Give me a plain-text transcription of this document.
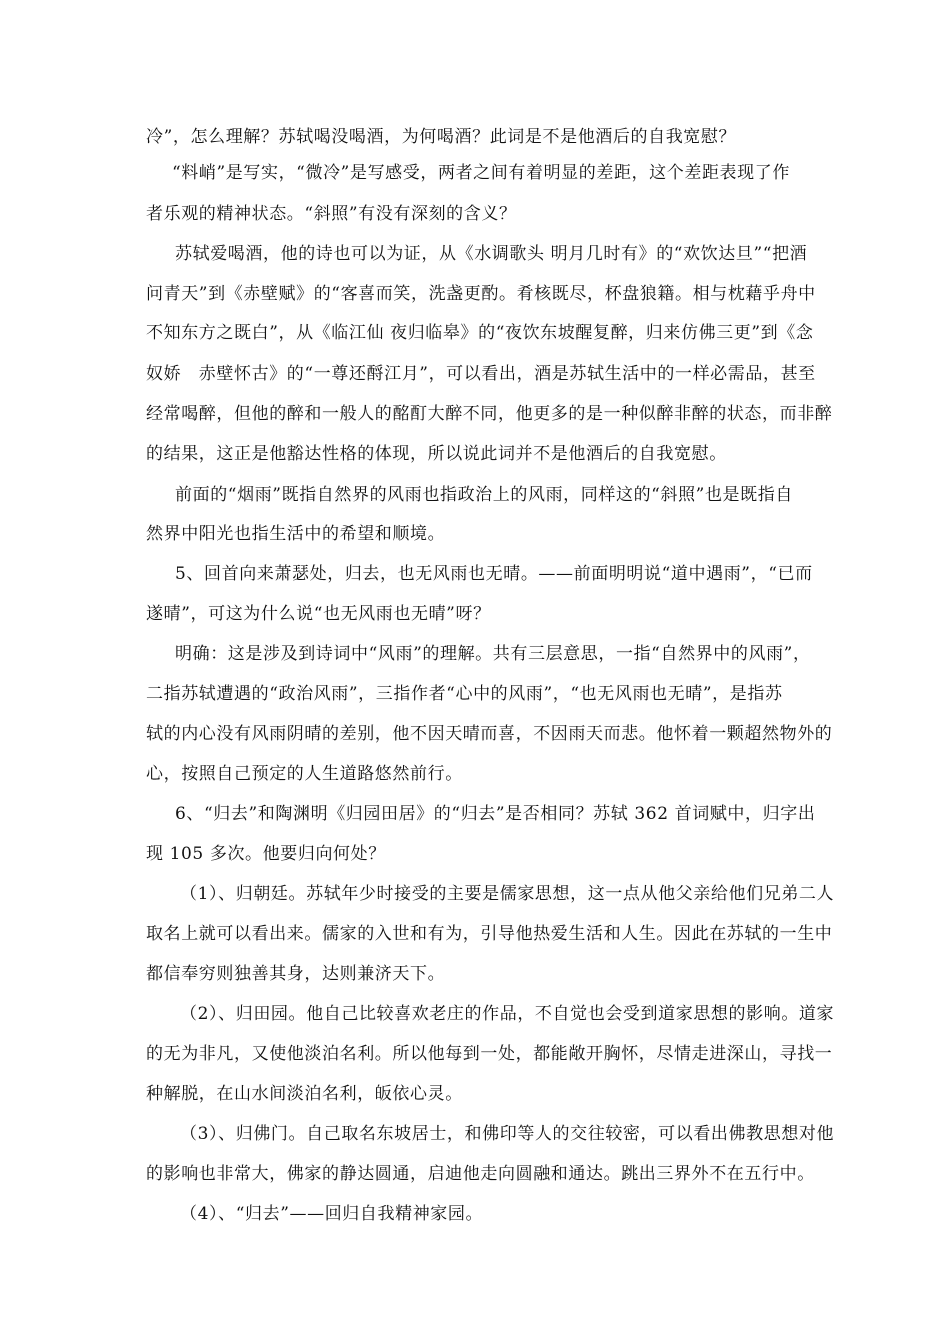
冷”，怎么理解？苏轼喝没喝酒，为何喝酒？此词是不是他酒后的自我宽慰？
“料峭”是写实，“微冷”是写感受，两者之间有着明显的差距，这个差距表现了作
者乐观的精神状态。“斜照”有没有深刻的含义？
苏轼爱喝酒，他的诗也可以为证，从《水调歌头 明月几时有》的“欢饮达旦”“把酒
问青天”到《赤壁赋》的“客喜而笑，洗盏更酌。肴核既尽，杯盘狼籍。相与枕藉乎舟中
不知东方之既白”，从《临江仙 夜归临皋》的“夜饮东坡醒复醉，归来仿佛三更”到《念
奴娇　赤壁怀古》的“一尊还酹江月”，可以看出，酒是苏轼生活中的一样必需品，甚至
经常喝醉，但他的醉和一般人的酩酊大醉不同，他更多的是一种似醉非醉的状态，而非醉
的结果，这正是他豁达性格的体现，所以说此词并不是他酒后的自我宽慰。
前面的“烟雨”既指自然界的风雨也指政治上的风雨，同样这的“斜照”也是既指自
然界中阳光也指生活中的希望和顺境。
5、回首向来萧瑟处，归去，也无风雨也无晴。——前面明明说“道中遇雨”，“已而
遂晴”，可这为什么说“也无风雨也无晴”呀？
明确：这是涉及到诗词中“风雨”的理解。共有三层意思，一指“自然界中的风雨”，
二指苏轼遭遇的“政治风雨”，三指作者“心中的风雨”，“也无风雨也无晴”，是指苏
轼的内心没有风雨阴晴的差别，他不因天晴而喜，不因雨天而悲。他怀着一颗超然物外的
心，按照自己预定的人生道路悠然前行。
6、“归去”和陶渊明《归园田居》的“归去”是否相同？苏轼 362 首词赋中，归字出
现 105 多次。他要归向何处？
（1）、归朝廷。苏轼年少时接受的主要是儒家思想，这一点从他父亲给他们兄弟二人
取名上就可以看出来。儒家的入世和有为，引导他热爱生活和人生。因此在苏轼的一生中
都信奉穷则独善其身，达则兼济天下。
（2）、归田园。他自己比较喜欢老庄的作品，不自觉也会受到道家思想的影响。道家
的无为非凡，又使他淡泊名利。所以他每到一处，都能敞开胸怀，尽情走进深山，寻找一
种解脱，在山水间淡泊名利，皈依心灵。
（3）、归佛门。自己取名东坡居士，和佛印等人的交往较密，可以看出佛教思想对他
的影响也非常大，佛家的静达圆通，启迪他走向圆融和通达。跳出三界外不在五行中。
（4）、“归去”——回归自我精神家园。
